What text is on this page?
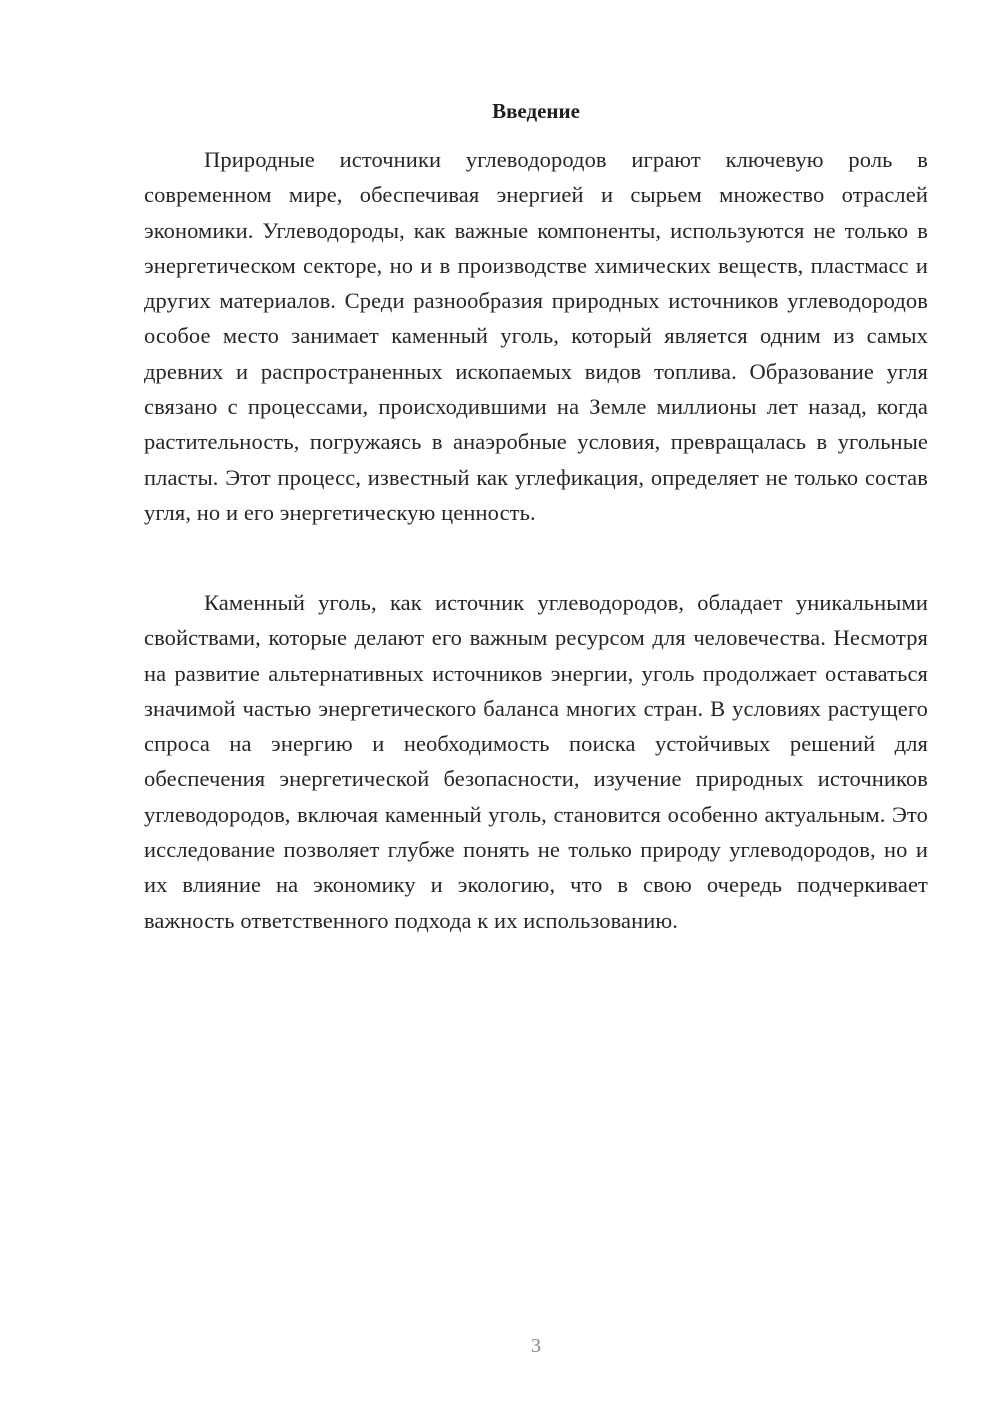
Введение

Природные источники углеводородов играют ключевую роль в современном мире, обеспечивая энергией и сырьем множество отраслей экономики. Углеводороды, как важные компоненты, используются не только в энергетическом секторе, но и в производстве химических веществ, пластмасс и других материалов. Среди разнообразия природных источников углеводородов особое место занимает каменный уголь, который является одним из самых древних и распространенных ископаемых видов топлива. Образование угля связано с процессами, происходившими на Земле миллионы лет назад, когда растительность, погружаясь в анаэробные условия, превращалась в угольные пласты. Этот процесс, известный как углефикация, определяет не только состав угля, но и его энергетическую ценность.

Каменный уголь, как источник углеводородов, обладает уникальными свойствами, которые делают его важным ресурсом для человечества. Несмотря на развитие альтернативных источников энергии, уголь продолжает оставаться значимой частью энергетического баланса многих стран. В условиях растущего спроса на энергию и необходимость поиска устойчивых решений для обеспечения энергетической безопасности, изучение природных источников углеводородов, включая каменный уголь, становится особенно актуальным. Это исследование позволяет глубже понять не только природу углеводородов, но и их влияние на экономику и экологию, что в свою очередь подчеркивает важность ответственного подхода к их использованию.

3
